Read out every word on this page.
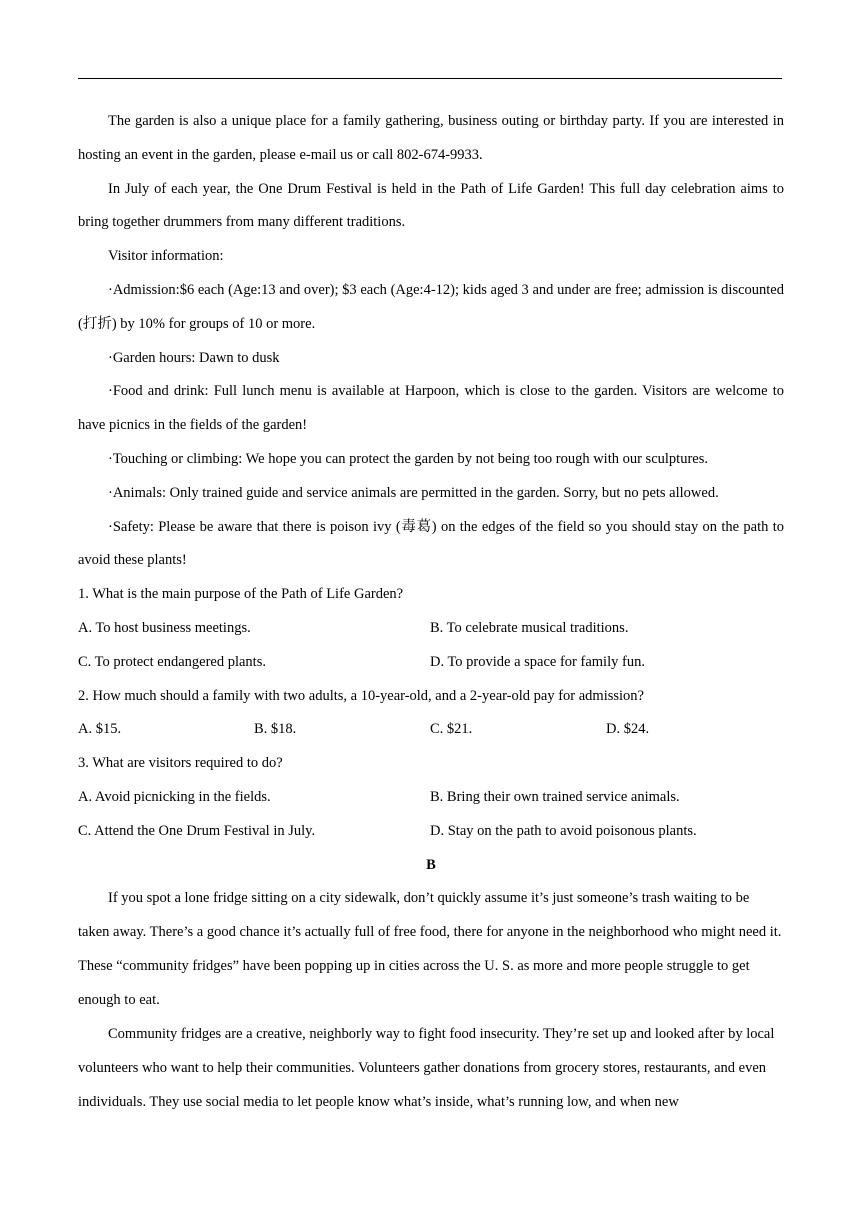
The garden is also a unique place for a family gathering, business outing or birthday party. If you are interested in hosting an event in the garden, please e-mail us or call 802-674-9933.

In July of each year, the One Drum Festival is held in the Path of Life Garden! This full day celebration aims to bring together drummers from many different traditions.

Visitor information:

·Admission:$6 each (Age:13 and over); $3 each (Age:4-12); kids aged 3 and under are free; admission is discounted (打折) by 10% for groups of 10 or more.

·Garden hours: Dawn to dusk

·Food and drink: Full lunch menu is available at Harpoon, which is close to the garden. Visitors are welcome to have picnics in the fields of the garden!

·Touching or climbing: We hope you can protect the garden by not being too rough with our sculptures.

·Animals: Only trained guide and service animals are permitted in the garden. Sorry, but no pets allowed.

·Safety: Please be aware that there is poison ivy (毒葛) on the edges of the field so you should stay on the path to avoid these plants!

1. What is the main purpose of the Path of Life Garden?

A. To host business meetings.	B. To celebrate musical traditions.
C. To protect endangered plants.	D. To provide a space for family fun.

2. How much should a family with two adults, a 10-year-old, and a 2-year-old pay for admission?

A. $15.	B. $18.	C. $21.	D. $24.

3. What are visitors required to do?

A. Avoid picnicking in the fields.	B. Bring their own trained service animals.
C. Attend the One Drum Festival in July.	D. Stay on the path to avoid poisonous plants.

B

If you spot a lone fridge sitting on a city sidewalk, don’t quickly assume it’s just someone’s trash waiting to be taken away. There’s a good chance it’s actually full of free food, there for anyone in the neighborhood who might need it. These “community fridges” have been popping up in cities across the U. S. as more and more people struggle to get enough to eat.

Community fridges are a creative, neighborly way to fight food insecurity. They’re set up and looked after by local volunteers who want to help their communities. Volunteers gather donations from grocery stores, restaurants, and even individuals. They use social media to let people know what’s inside, what’s running low, and when new
